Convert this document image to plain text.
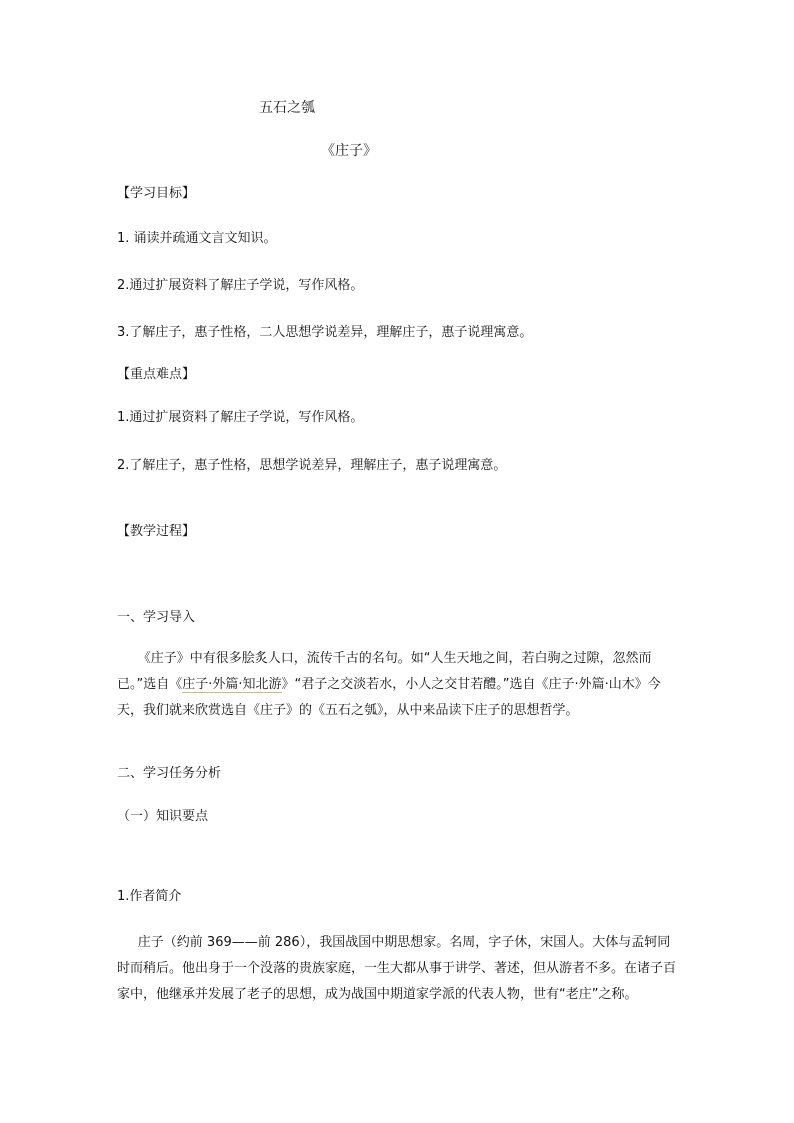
五石之瓠
《庄子》
【学习目标】
1. 诵读并疏通文言文知识。
2.通过扩展资料了解庄子学说，写作风格。
3.了解庄子，惠子性格，二人思想学说差异，理解庄子，惠子说理寓意。
【重点难点】
1.通过扩展资料了解庄子学说，写作风格。
2.了解庄子，惠子性格，思想学说差异，理解庄子，惠子说理寓意。
【教学过程】
一、学习导入
《庄子》中有很多脍炙人口，流传千古的名句。如“人生天地之间，若白驹之过隙，忽然而已。”选自《庄子·外篇·知北游》“君子之交淡若水，小人之交甘若醴。”选自《庄子·外篇·山木》今天，我们就来欣赏选自《庄子》的《五石之瓠》，从中来品读下庄子的思想哲学。
二、学习任务分析
（一）知识要点
1.作者简介
庄子（约前 369——前 286），我国战国中期思想家。名周，字子休，宋国人。大体与孟轲同时而稍后。他出身于一个没落的贵族家庭，一生大都从事于讲学、著述，但从游者不多。在诸子百家中，他继承并发展了老子的思想，成为战国中期道家学派的代表人物，世有“老庄”之称。
